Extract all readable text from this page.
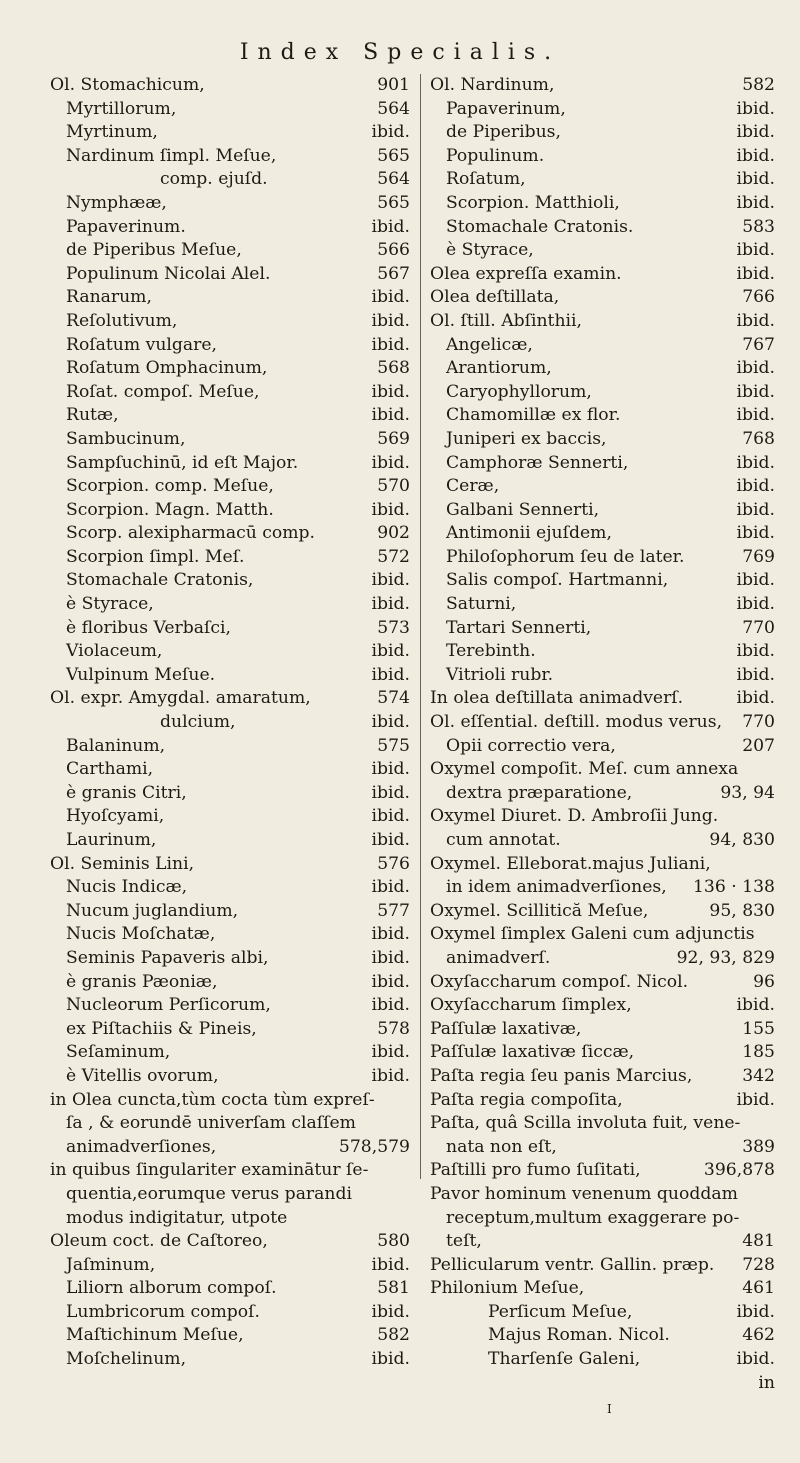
Index Specialis.
Ol. Stomachicum,	901
Myrtillorum,	564
Myrtinum,	ibid.
Nardinum ſimpl. Meſue,	565
comp. ejuſd.	564
Nymphææ,	565
Papaverinum.	ibid.
de Piperibus Meſue,	566
Populinum Nicolai Alel.	567
Ranarum,	ibid.
Reſolutivum,	ibid.
Roſatum vulgare,	ibid.
Roſatum Omphacinum,	568
Roſat. compoſ. Meſue,	ibid.
Rutæ,	ibid.
Sambucinum,	569
Sampſuchinū, id eſt Major.	ibid.
Scorpion. comp. Meſue,	570
Scorpion. Magn. Matth.	ibid.
Scorp. alexipharmacū comp.	902
Scorpion ſimpl. Meſ.	572
Stomachale Cratonis,	ibid.
è Styrace,	ibid.
è floribus Verbaſci,	573
Violaceum,	ibid.
Vulpinum Meſue.	ibid.
Ol. expr. Amygdal. amaratum,	574
dulcium,	ibid.
Balaninum,	575
Carthami,	ibid.
è granis Citri,	ibid.
Hyoſcyami,	ibid.
Laurinum,	ibid.
Ol. Seminis Lini,	576
Nucis Indicæ,	ibid.
Nucum juglandium,	577
Nucis Moſchatæ,	ibid.
Seminis Papaveris albi,	ibid.
è granis Pæoniæ,	ibid.
Nucleorum Perſicorum,	ibid.
ex Piſtachiis & Pineis,	578
Seſaminum,	ibid.
è Vitellis ovorum,	ibid.
in Olea cuncta,tùm cocta tùm expreſ-
ſa , & eorundē univerſam claſſem
animadverſiones,	578,579
in quibus ſingulariter examinātur ſe-
quentia,eorumque verus parandi
modus indigitatur, utpote
Oleum coct. de Caſtoreo,	580
Jaſminum,	ibid.
Liliorn alborum compoſ.	581
Lumbricorum compoſ.	ibid.
Maſtichinum Meſue,	582
Moſchelinum,	ibid.
Ol. Nardinum,	582
Papaverinum,	ibid.
de Piperibus,	ibid.
Populinum.	ibid.
Roſatum,	ibid.
Scorpion. Matthioli,	ibid.
Stomachale Cratonis.	583
è Styrace,	ibid.
Olea expreſſa examin.	ibid.
Olea deſtillata,	766
Ol. ſtill. Abſinthii,	ibid.
Angelicæ,	767
Arantiorum,	ibid.
Caryophyllorum,	ibid.
Chamomillæ ex flor.	ibid.
Juniperi ex baccis,	768
Camphoræ Sennerti,	ibid.
Ceræ,	ibid.
Galbani Sennerti,	ibid.
Antimonii ejuſdem,	ibid.
Philoſophorum ſeu de later.	769
Salis compoſ. Hartmanni,	ibid.
Saturni,	ibid.
Tartari Sennerti,	770
Terebinth.	ibid.
Vitrioli rubr.	ibid.
In olea deſtillata animadverſ.	ibid.
Ol. eſſential. deſtill. modus verus, 770
Opii correctio vera,	207
Oxymel compoſit. Meſ. cum annexa
dextra præparatione,	93, 94
Oxymel Diuret. D. Ambroſii Jung.
cum annotat.	94, 830
Oxymel. Elleborat.majus Juliani,
in idem animadverſiones, 136 · 138
Oxymel. Scillitică Meſue,	95, 830
Oxymel ſimplex Galeni cum adjunctis
animadverſ.	92, 93, 829
Oxyſaccharum compoſ. Nicol.	96
Oxyſaccharum ſimplex,	ibid.
Paſſulæ laxativæ,	155
Paſſulæ laxativæ ſiccæ,	185
Paſta regia ſeu panis Marcius,	342
Paſta regia compoſita,	ibid.
Paſta, quâ Scilla involuta fuit, vene-
nata non eſt,	389
Paſtilli pro fumo ſuſitati,	396,878
Pavor hominum venenum quoddam
receptum,multum exaggerare po-
teſt,	481
Pellicularum ventr. Gallin. præp. 728
Philonium Meſue,	461
Perſicum Meſue,	ibid.
Majus Roman. Nicol.	462
Tharſenſe Galeni,	ibid.
in
I
